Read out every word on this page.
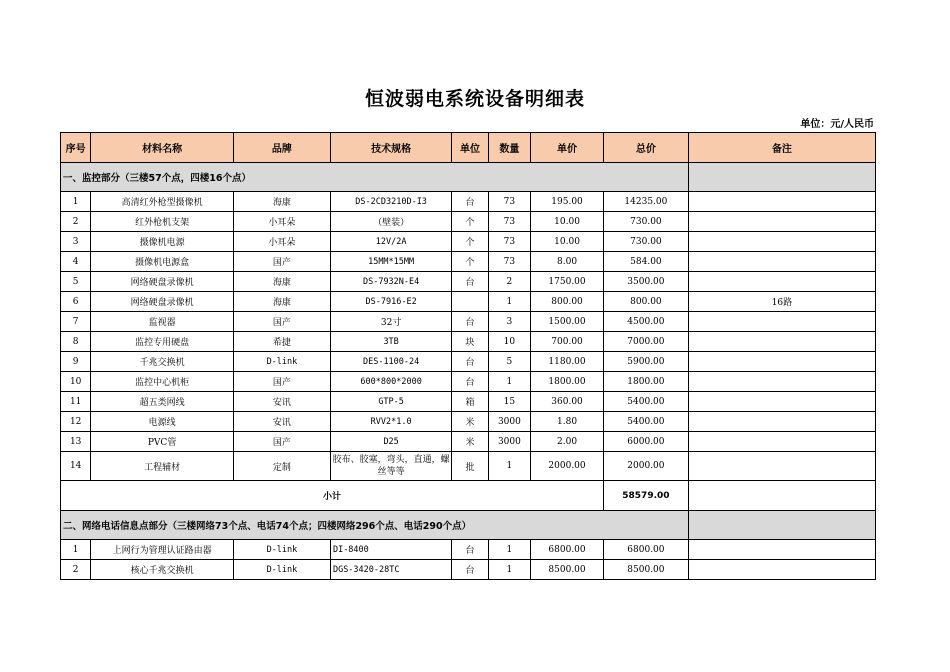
恒波弱电系统设备明细表
单位：元/人民币
序号	材料名称	品牌	技术规格	单位	数量	单价	总价	备注
一、监控部分（三楼57个点，四楼16个点）								
1	高清红外枪型摄像机	海康	DS-2CD3210D-I3	台	73	195.00	14235.00	
2	红外枪机支架	小耳朵	（壁装）	个	73	10.00	730.00	
3	摄像机电源	小耳朵	12V/2A	个	73	10.00	730.00	
4	摄像机电源盒	国产	15MM*15MM	个	73	8.00	584.00	
5	网络硬盘录像机	海康	DS-7932N-E4	台	2	1750.00	3500.00	
6	网络硬盘录像机	海康	DS-7916-E2		1	800.00	800.00	16路
7	监视器	国产	32寸	台	3	1500.00	4500.00	
8	监控专用硬盘	希捷	3TB	块	10	700.00	7000.00	
9	千兆交换机	D-link	DES-1100-24	台	5	1180.00	5900.00	
10	监控中心机柜	国产	600*800*2000	台	1	1800.00	1800.00	
11	超五类网线	安讯	GTP-5	箱	15	360.00	5400.00	
12	电源线	安讯	RVV2*1.0	米	3000	1.80	5400.00	
13	PVC管	国产	D25	米	3000	2.00	6000.00	
14	工程辅材	定制	胶布、胶塞，弯头，直通，螺丝等等	批	1	2000.00	2000.00	
小计							58579.00	
二、网络电话信息点部分（三楼网络73个点、电话74个点；四楼网络296个点、电话290个点）								
1	上网行为管理认证路由器	D-link	DI-8400	台	1	6800.00	6800.00	
2	核心千兆交换机	D-link	DGS-3420-28TC	台	1	8500.00	8500.00	
